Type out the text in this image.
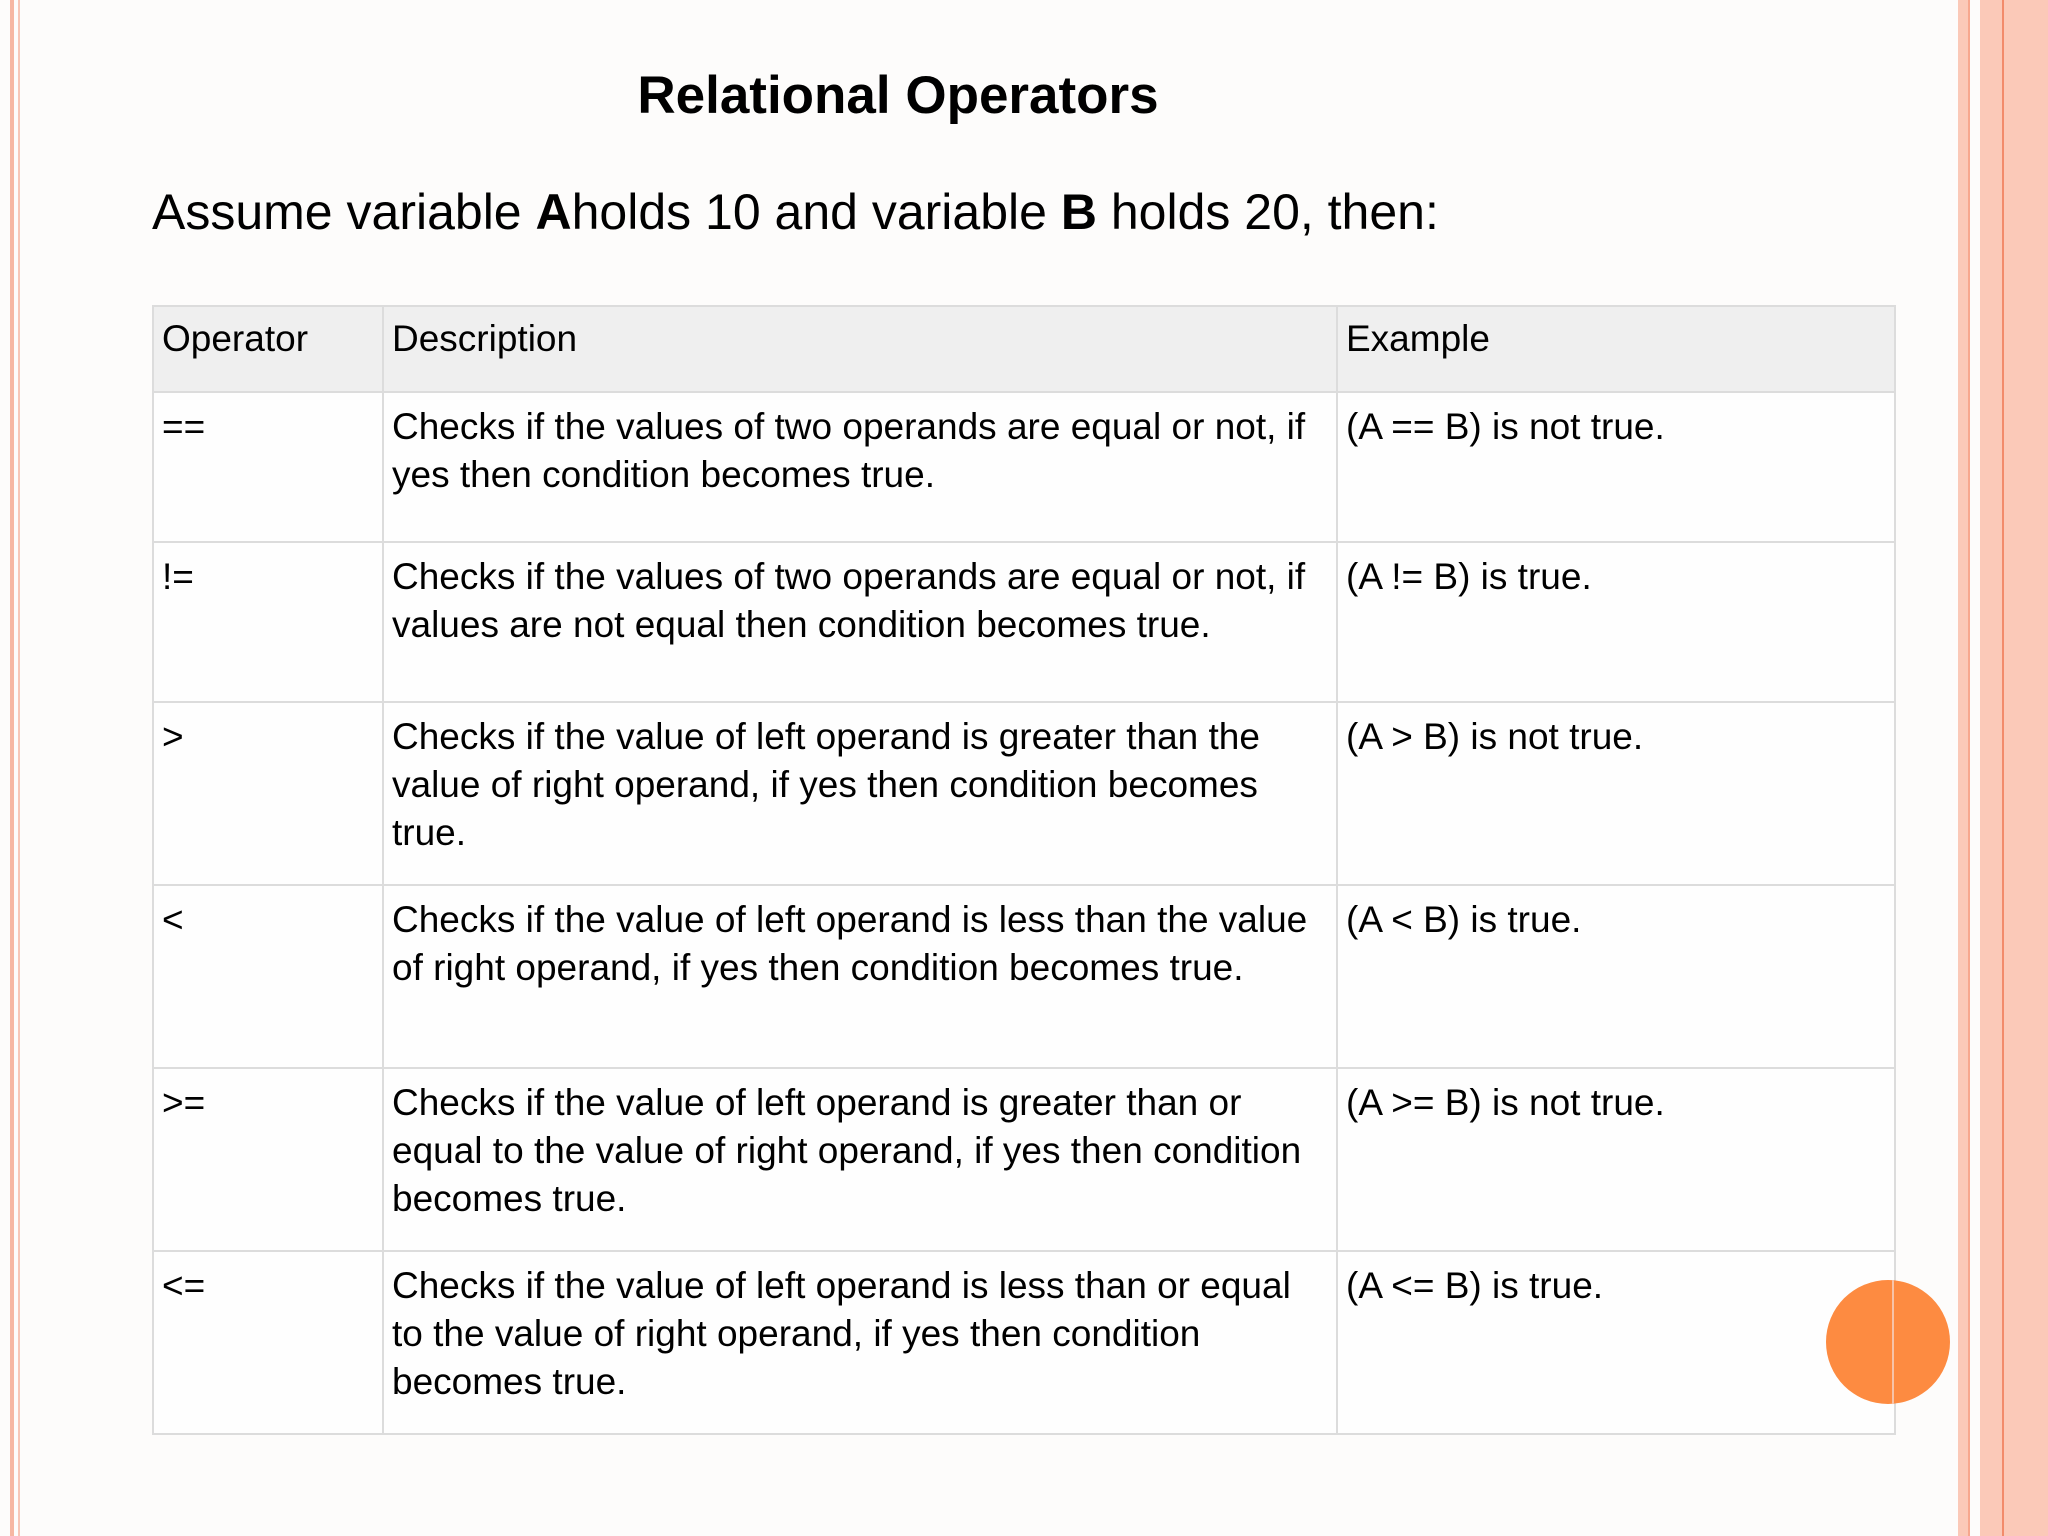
Relational Operators
Assume variable Aholds 10 and variable B holds 20, then:
Operator	Description	Example
==	Checks if the values of two operands are equal or not, if yes then condition becomes true.	(A == B) is not true.
!=	Checks if the values of two operands are equal or not, if values are not equal then condition becomes true.	(A != B) is true.
>	Checks if the value of left operand is greater than the value of right operand, if yes then condition becomes true.	(A > B) is not true.
<	Checks if the value of left operand is less than the value of right operand, if yes then condition becomes true.	(A < B) is true.
>=	Checks if the value of left operand is greater than or equal to the value of right operand, if yes then condition becomes true.	(A >= B) is not true.
<=	Checks if the value of left operand is less than or equal to the value of right operand, if yes then condition becomes true.	(A <= B) is true.
